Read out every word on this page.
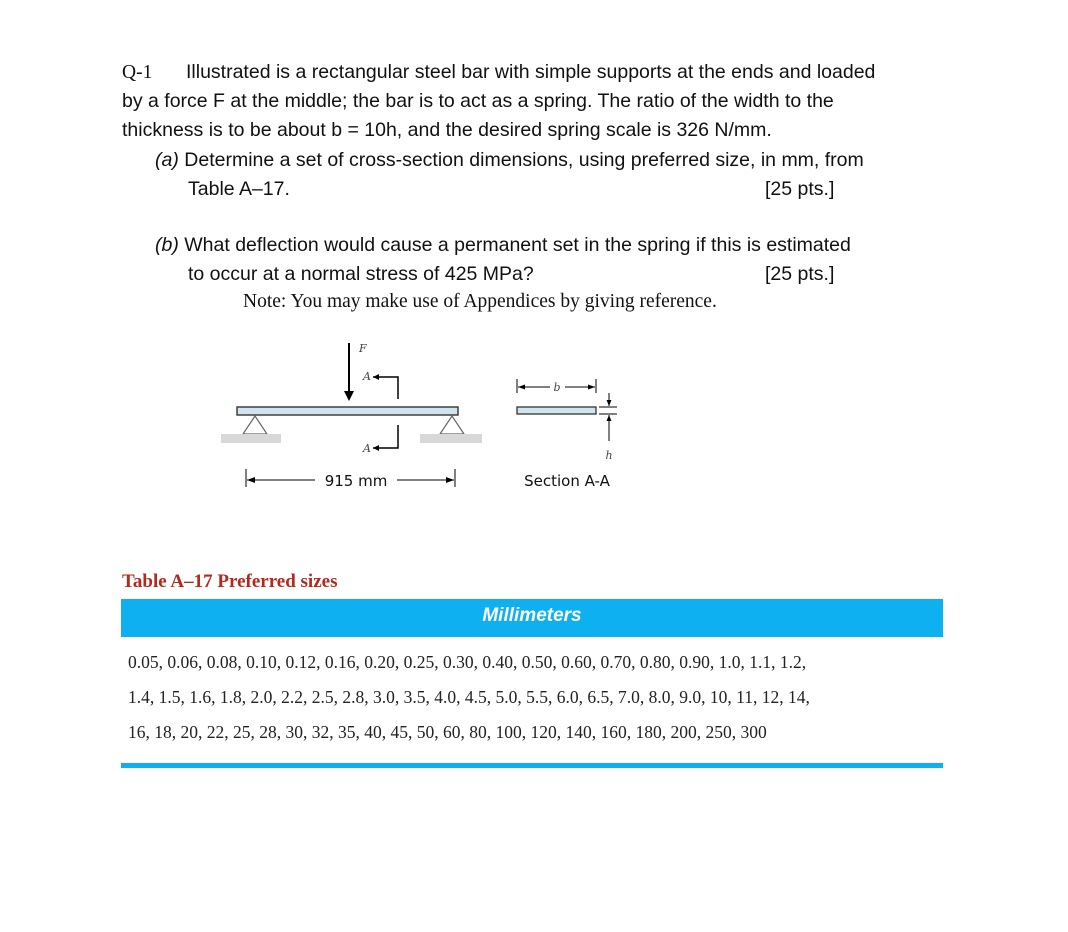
Q-1 Illustrated is a rectangular steel bar with simple supports at the ends and loaded
by a force F at the middle; the bar is to act as a spring. The ratio of the width to the
thickness is to be about b = 10h, and the desired spring scale is 326 N/mm.
(a) Determine a set of cross-section dimensions, using preferred size, in mm, from
Table A–17.	[25 pts.]
(b) What deflection would cause a permanent set in the spring if this is estimated
to occur at a normal stress of 425 MPa?	[25 pts.]
Note: You may make use of Appendices by giving reference.
F
A
A
915 mm
b
h
Section A-A
Table A–17 Preferred sizes
Millimeters
0.05, 0.06, 0.08, 0.10, 0.12, 0.16, 0.20, 0.25, 0.30, 0.40, 0.50, 0.60, 0.70, 0.80, 0.90, 1.0, 1.1, 1.2,
1.4, 1.5, 1.6, 1.8, 2.0, 2.2, 2.5, 2.8, 3.0, 3.5, 4.0, 4.5, 5.0, 5.5, 6.0, 6.5, 7.0, 8.0, 9.0, 10, 11, 12, 14,
16, 18, 20, 22, 25, 28, 30, 32, 35, 40, 45, 50, 60, 80, 100, 120, 140, 160, 180, 200, 250, 300
